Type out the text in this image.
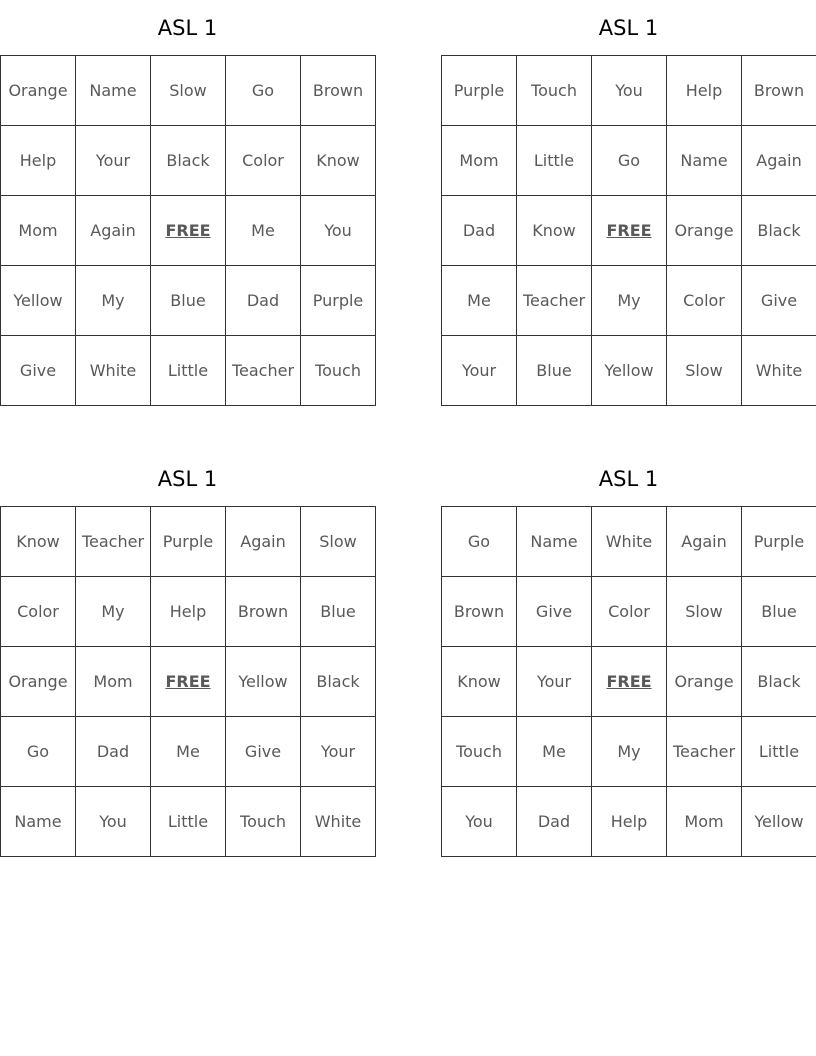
ASL 1
Orange	Name	Slow	Go	Brown
Help	Your	Black	Color	Know
Mom	Again	FREE	Me	You
Yellow	My	Blue	Dad	Purple
Give	White	Little	Teacher	Touch
ASL 1
Purple	Touch	You	Help	Brown
Mom	Little	Go	Name	Again
Dad	Know	FREE	Orange	Black
Me	Teacher	My	Color	Give
Your	Blue	Yellow	Slow	White
ASL 1
Know	Teacher	Purple	Again	Slow
Color	My	Help	Brown	Blue
Orange	Mom	FREE	Yellow	Black
Go	Dad	Me	Give	Your
Name	You	Little	Touch	White
ASL 1
Go	Name	White	Again	Purple
Brown	Give	Color	Slow	Blue
Know	Your	FREE	Orange	Black
Touch	Me	My	Teacher	Little
You	Dad	Help	Mom	Yellow
